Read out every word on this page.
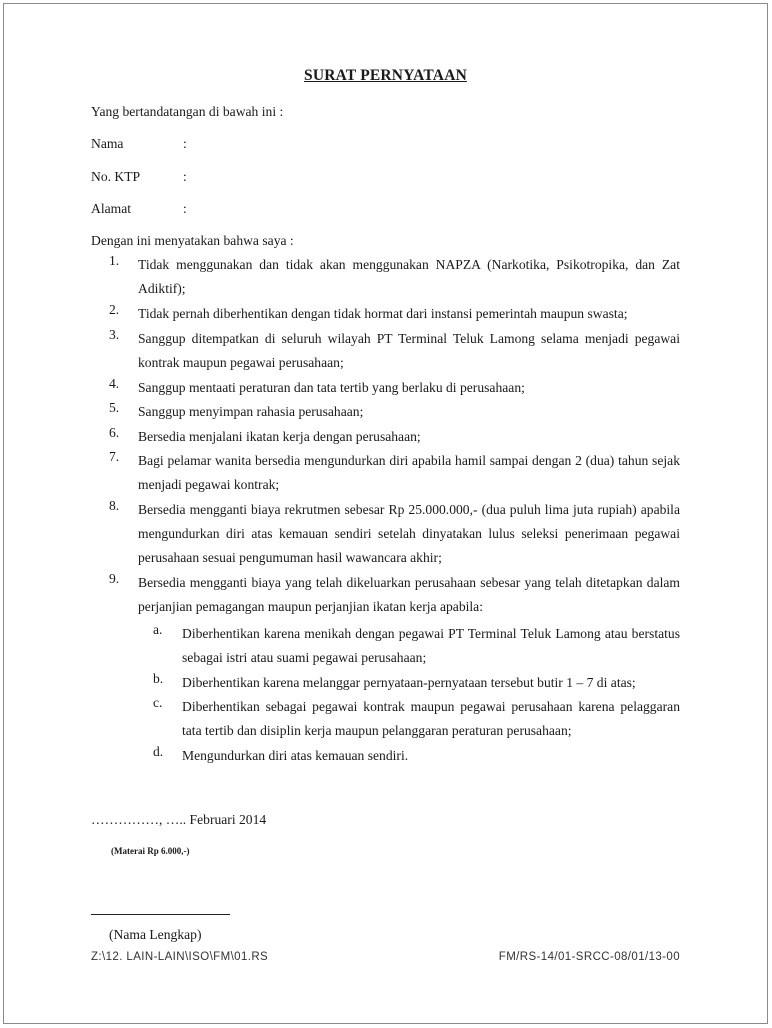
SURAT PERNYATAAN
Yang bertandatangan di bawah ini :
Nama	:
No. KTP	:
Alamat	:
Dengan ini menyatakan bahwa saya :
1.	Tidak menggunakan dan tidak akan menggunakan NAPZA (Narkotika, Psikotropika, dan Zat Adiktif);
2.	Tidak pernah diberhentikan dengan tidak hormat dari instansi pemerintah maupun swasta;
3.	Sanggup ditempatkan di seluruh wilayah PT Terminal Teluk Lamong selama menjadi pegawai kontrak maupun pegawai perusahaan;
4.	Sanggup mentaati peraturan dan tata tertib yang berlaku di perusahaan;
5.	Sanggup menyimpan rahasia perusahaan;
6.	Bersedia menjalani ikatan kerja dengan perusahaan;
7.	Bagi pelamar wanita bersedia mengundurkan diri apabila hamil sampai dengan 2 (dua) tahun sejak menjadi pegawai kontrak;
8.	Bersedia mengganti biaya rekrutmen sebesar Rp 25.000.000,- (dua puluh lima juta rupiah) apabila mengundurkan diri atas kemauan sendiri setelah dinyatakan lulus seleksi penerimaan pegawai perusahaan sesuai pengumuman hasil wawancara akhir;
9.	Bersedia mengganti biaya yang telah dikeluarkan perusahaan sebesar yang telah ditetapkan dalam perjanjian pemagangan maupun perjanjian ikatan kerja apabila:
a.	Diberhentikan karena menikah dengan pegawai PT Terminal Teluk Lamong atau berstatus sebagai istri atau suami pegawai perusahaan;
b.	Diberhentikan karena melanggar pernyataan-pernyataan tersebut butir 1 – 7 di atas;
c.	Diberhentikan sebagai pegawai kontrak maupun pegawai perusahaan karena pelaggaran tata tertib dan disiplin kerja maupun pelanggaran peraturan perusahaan;
d.	Mengundurkan diri atas kemauan sendiri.
……………, ….. Februari 2014
(Materai Rp 6.000,-)
(Nama Lengkap)
Z:\12. LAIN-LAIN\ISO\FM\01.RS	FM/RS-14/01-SRCC-08/01/13-00
